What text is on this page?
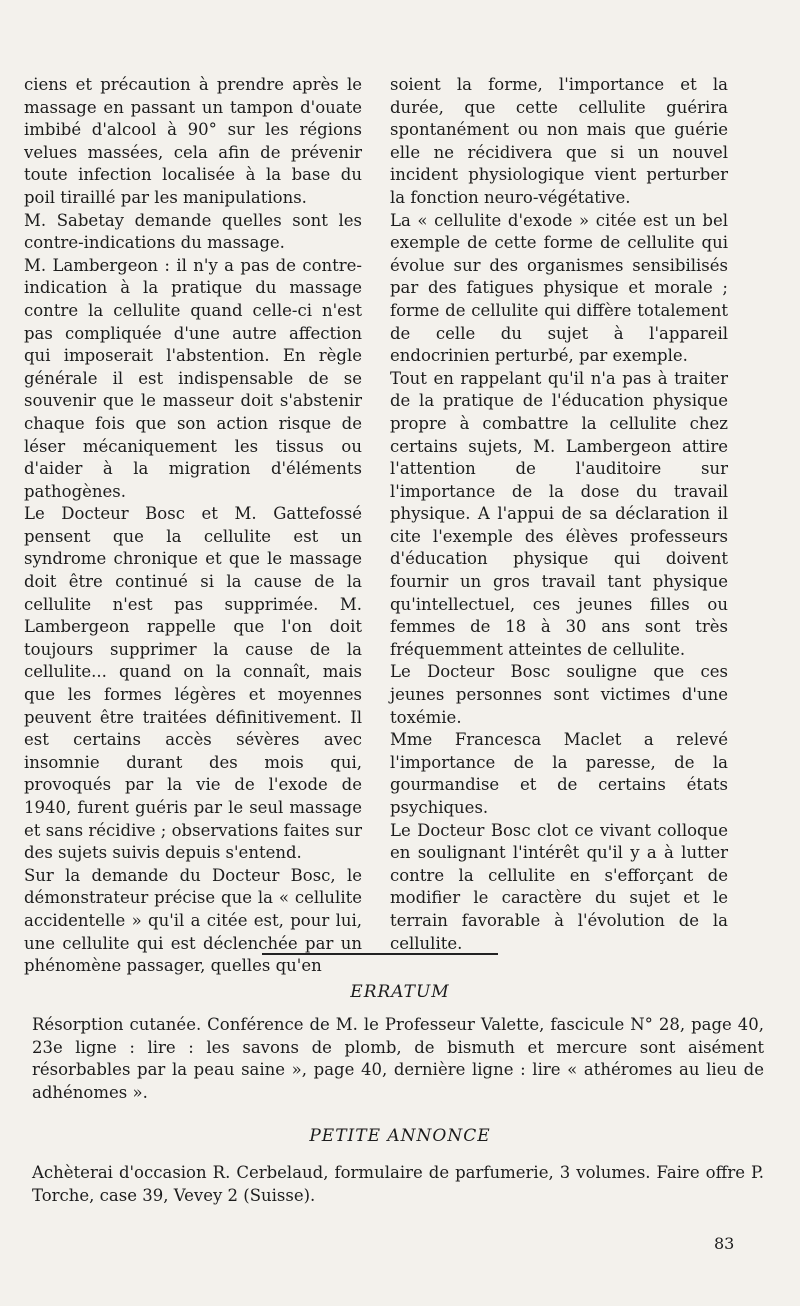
ciens et précaution à prendre après le massage en passant un tampon d'ouate imbibé d'alcool à 90° sur les régions velues massées, cela afin de prévenir toute infection localisée à la base du poil tiraillé par les manipulations.

M. Sabetay demande quelles sont les contre-indications du massage.

M. Lambergeon : il n'y a pas de contre-indication à la pratique du massage contre la cellulite quand celle-ci n'est pas compliquée d'une autre affection qui imposerait l'abstention. En règle générale il est indispensable de se souvenir que le masseur doit s'abstenir chaque fois que son action risque de léser mécaniquement les tissus ou d'aider à la migration d'éléments pathogènes.

Le Docteur Bosc et M. Gattefossé pensent que la cellulite est un syndrome chronique et que le massage doit être continué si la cause de la cellulite n'est pas supprimée. M. Lambergeon rappelle que l'on doit toujours supprimer la cause de la cellulite... quand on la connaît, mais que les formes légères et moyennes peuvent être traitées définitivement. Il est certains accès sévères avec insomnie durant des mois qui, provoqués par la vie de l'exode de 1940, furent guéris par le seul massage et sans récidive ; observations faites sur des sujets suivis depuis s'entend.

Sur la demande du Docteur Bosc, le démonstrateur précise que la « cellulite accidentelle » qu'il a citée est, pour lui, une cellulite qui est déclenchée par un phénomène passager, quelles qu'en

soient la forme, l'importance et la durée, que cette cellulite guérira spontanément ou non mais que guérie elle ne récidivera que si un nouvel incident physiologique vient perturber la fonction neuro-végétative.

La « cellulite d'exode » citée est un bel exemple de cette forme de cellulite qui évolue sur des organismes sensibilisés par des fatigues physique et morale ; forme de cellulite qui diffère totalement de celle du sujet à l'appareil endocrinien perturbé, par exemple.

Tout en rappelant qu'il n'a pas à traiter de la pratique de l'éducation physique propre à combattre la cellulite chez certains sujets, M. Lambergeon attire l'attention de l'auditoire sur l'importance de la dose du travail physique. A l'appui de sa déclaration il cite l'exemple des élèves professeurs d'éducation physique qui doivent fournir un gros travail tant physique qu'intellectuel, ces jeunes filles ou femmes de 18 à 30 ans sont très fréquemment atteintes de cellulite.

Le Docteur Bosc souligne que ces jeunes personnes sont victimes d'une toxémie.

Mme Francesca Maclet a relevé l'importance de la paresse, de la gourmandise et de certains états psychiques.

Le Docteur Bosc clot ce vivant colloque en soulignant l'intérêt qu'il y a à lutter contre la cellulite en s'efforçant de modifier le caractère du sujet et le terrain favorable à l'évolution de la cellulite.

ERRATUM

Résorption cutanée. Conférence de M. le Professeur Valette, fascicule N° 28, page 40, 23e ligne : lire : les savons de plomb, de bismuth et mercure sont aisément résorbables par la peau saine », page 40, dernière ligne : lire « athéromes au lieu de adhénomes ».

PETITE ANNONCE

Achèterai d'occasion R. Cerbelaud, formulaire de parfumerie, 3 volumes. Faire offre P. Torche, case 39, Vevey 2 (Suisse).

83
